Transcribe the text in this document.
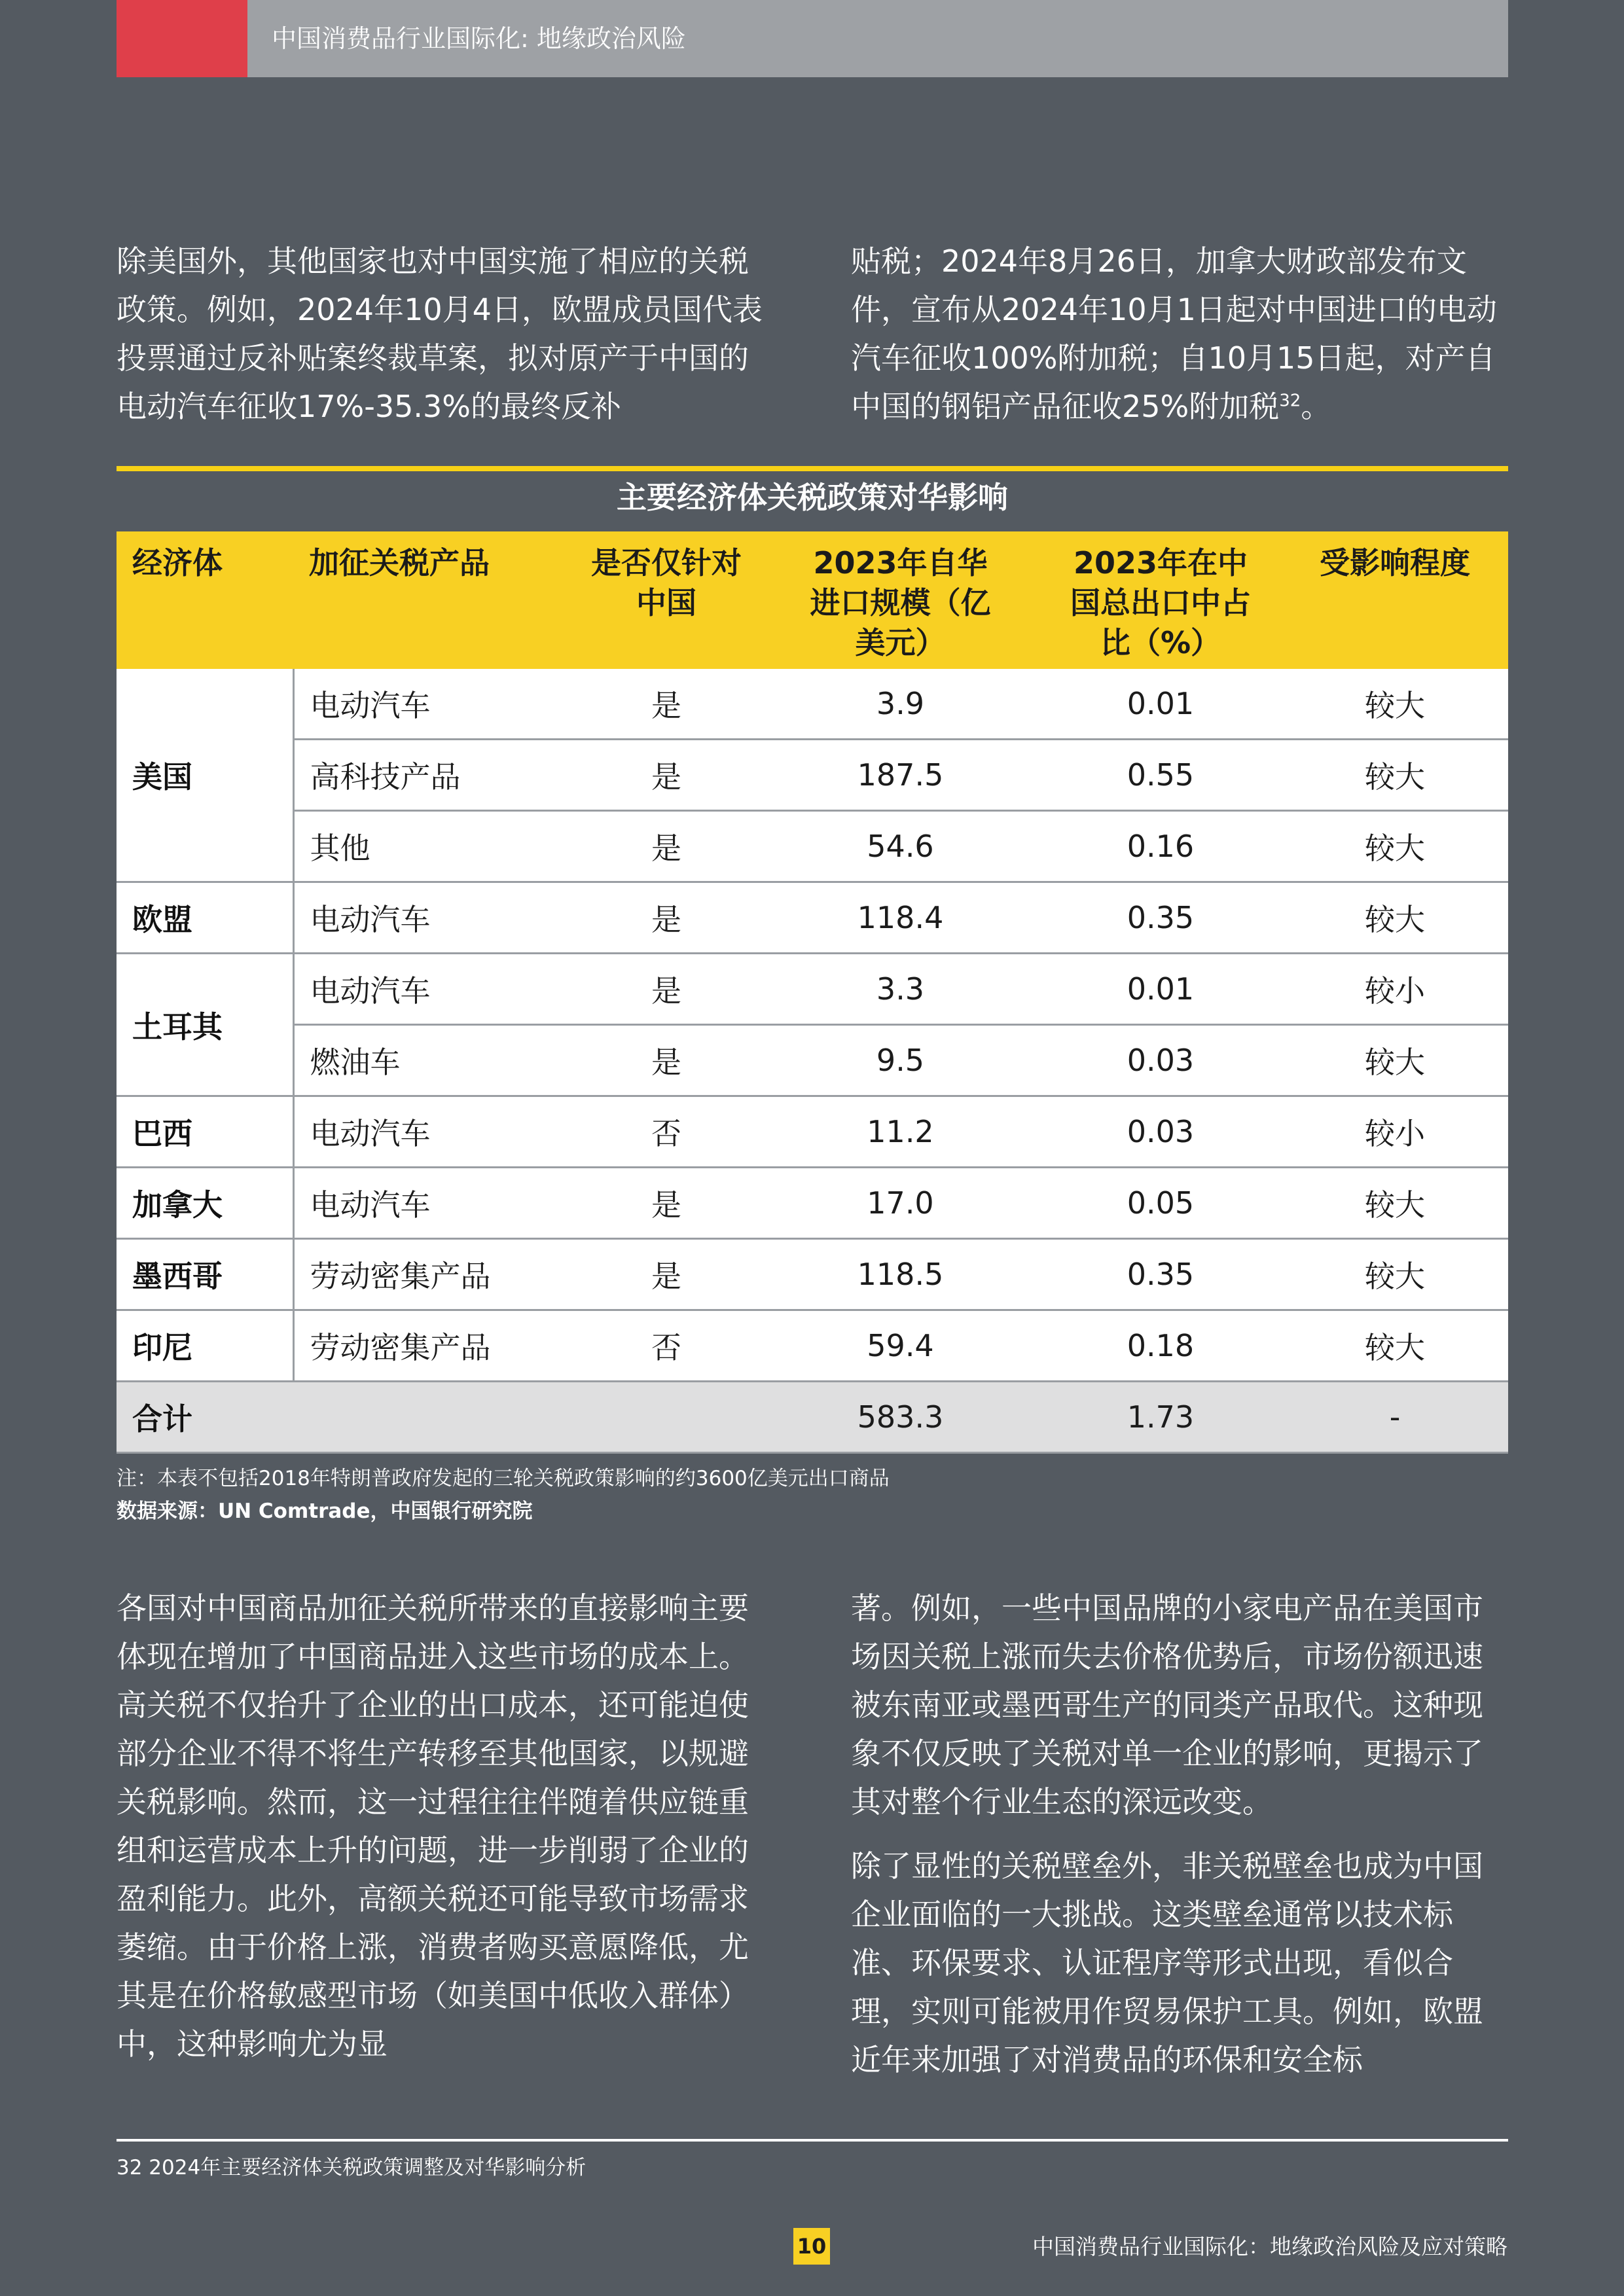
中国消费品行业国际化: 地缘政治风险

除美国外，其他国家也对中国实施了相应的关税政策。例如，2024年10月4日，欧盟成员国代表投票通过反补贴案终裁草案，拟对原产于中国的电动汽车征收17%-35.3%的最终反补

贴税；2024年8月26日，加拿大财政部发布文件，宣布从2024年10月1日起对中国进口的电动汽车征收100%附加税；自10月15日起，对产自中国的钢铝产品征收25%附加税$^{32}$。

主要经济体关税政策对华影响
经济体	加征关税产品	是否仅针对中国	2023年自华进口规模（亿美元）	2023年在中国总出口中占比（%）	受影响程度
美国	电动汽车	是	3.9	0.01	较大
	高科技产品	是	187.5	0.55	较大
	其他	是	54.6	0.16	较大
欧盟	电动汽车	是	118.4	0.35	较大
土耳其	电动汽车	是	3.3	0.01	较小
	燃油车	是	9.5	0.03	较大
巴西	电动汽车	否	11.2	0.03	较小
加拿大	电动汽车	是	17.0	0.05	较大
墨西哥	劳动密集产品	是	118.5	0.35	较大
印尼	劳动密集产品	否	59.4	0.18	较大
合计			583.3	1.73	-
注：本表不包括2018年特朗普政府发起的三轮关税政策影响的约3600亿美元出口商品
数据来源：UN Comtrade，中国银行研究院

各国对中国商品加征关税所带来的直接影响主要体现在增加了中国商品进入这些市场的成本上。高关税不仅抬升了企业的出口成本，还可能迫使部分企业不得不将生产转移至其他国家，以规避关税影响。然而，这一过程往往伴随着供应链重组和运营成本上升的问题，进一步削弱了企业的盈利能力。此外，高额关税还可能导致市场需求萎缩。由于价格上涨，消费者购买意愿降低，尤其是在价格敏感型市场（如美国中低收入群体）中，这种影响尤为显

著。例如，一些中国品牌的小家电产品在美国市场因关税上涨而失去价格优势后，市场份额迅速被东南亚或墨西哥生产的同类产品取代。这种现象不仅反映了关税对单一企业的影响，更揭示了其对整个行业生态的深远改变。

除了显性的关税壁垒外，非关税壁垒也成为中国企业面临的一大挑战。这类壁垒通常以技术标准、环保要求、认证程序等形式出现，看似合理，实则可能被用作贸易保护工具。例如，欧盟近年来加强了对消费品的环保和安全标

32 2024年主要经济体关税政策调整及对华影响分析
10	中国消费品行业国际化：地缘政治风险及应对策略
